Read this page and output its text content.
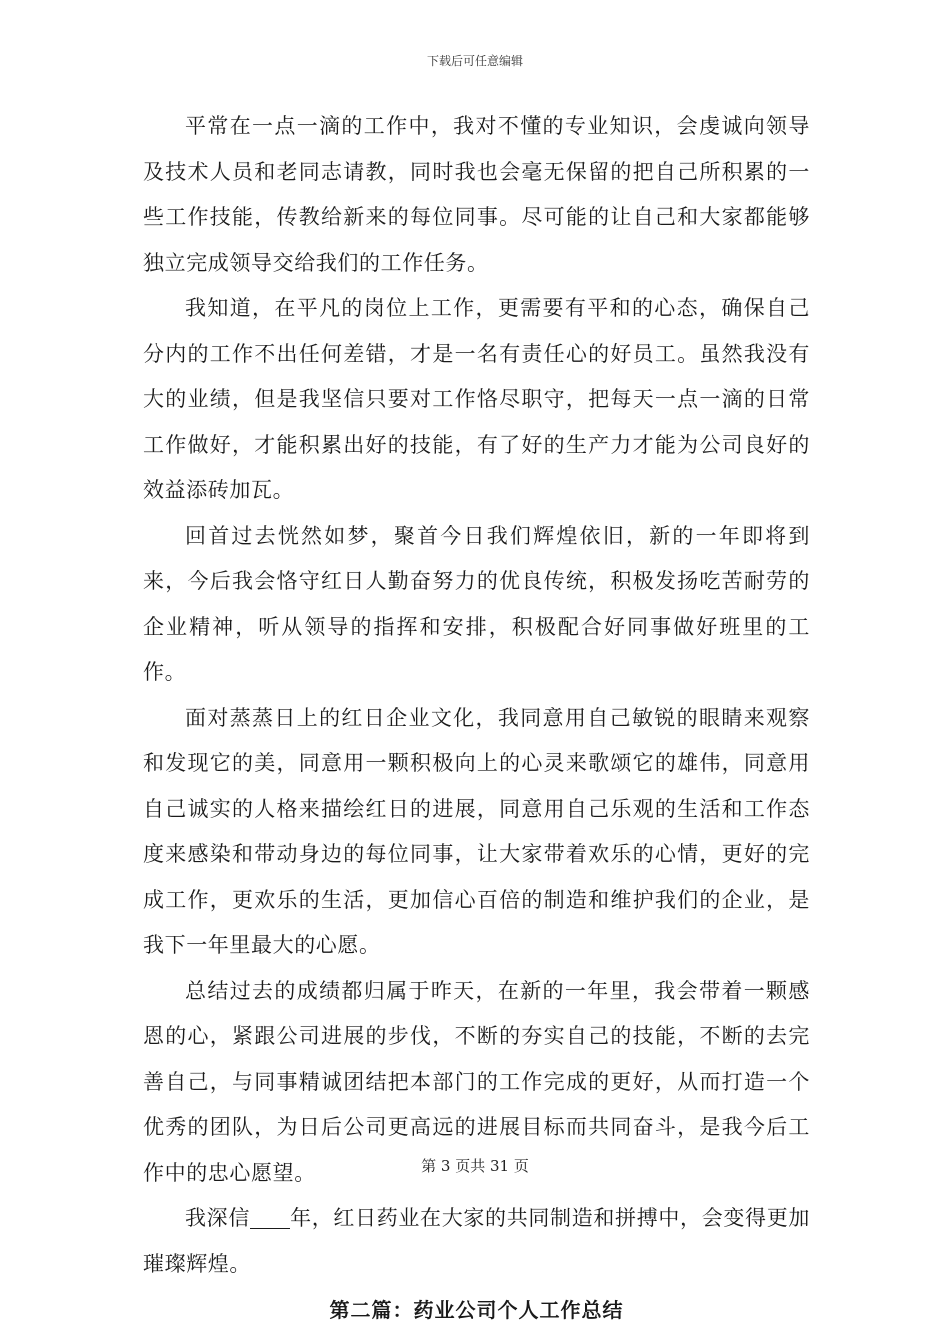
下载后可任意编辑

平常在一点一滴的工作中，我对不懂的专业知识，会虔诚向领导及技术人员和老同志请教，同时我也会毫无保留的把自己所积累的一些工作技能，传教给新来的每位同事。尽可能的让自己和大家都能够独立完成领导交给我们的工作任务。

我知道，在平凡的岗位上工作，更需要有平和的心态，确保自己分内的工作不出任何差错，才是一名有责任心的好员工。虽然我没有大的业绩，但是我坚信只要对工作恪尽职守，把每天一点一滴的日常工作做好，才能积累出好的技能，有了好的生产力才能为公司良好的效益添砖加瓦。

回首过去恍然如梦，聚首今日我们辉煌依旧，新的一年即将到来，今后我会恪守红日人勤奋努力的优良传统，积极发扬吃苦耐劳的企业精神，听从领导的指挥和安排，积极配合好同事做好班里的工作。

面对蒸蒸日上的红日企业文化，我同意用自己敏锐的眼睛来观察和发现它的美，同意用一颗积极向上的心灵来歌颂它的雄伟，同意用自己诚实的人格来描绘红日的进展，同意用自己乐观的生活和工作态度来感染和带动身边的每位同事，让大家带着欢乐的心情，更好的完成工作，更欢乐的生活，更加信心百倍的制造和维护我们的企业，是我下一年里最大的心愿。

总结过去的成绩都归属于昨天，在新的一年里，我会带着一颗感恩的心，紧跟公司进展的步伐，不断的夯实自己的技能，不断的去完善自己，与同事精诚团结把本部门的工作完成的更好，从而打造一个优秀的团队，为日后公司更高远的进展目标而共同奋斗，是我今后工作中的忠心愿望。

我深信 年，红日药业在大家的共同制造和拼搏中，会变得更加璀璨辉煌。

第二篇：药业公司个人工作总结
第 3 页共 31 页
